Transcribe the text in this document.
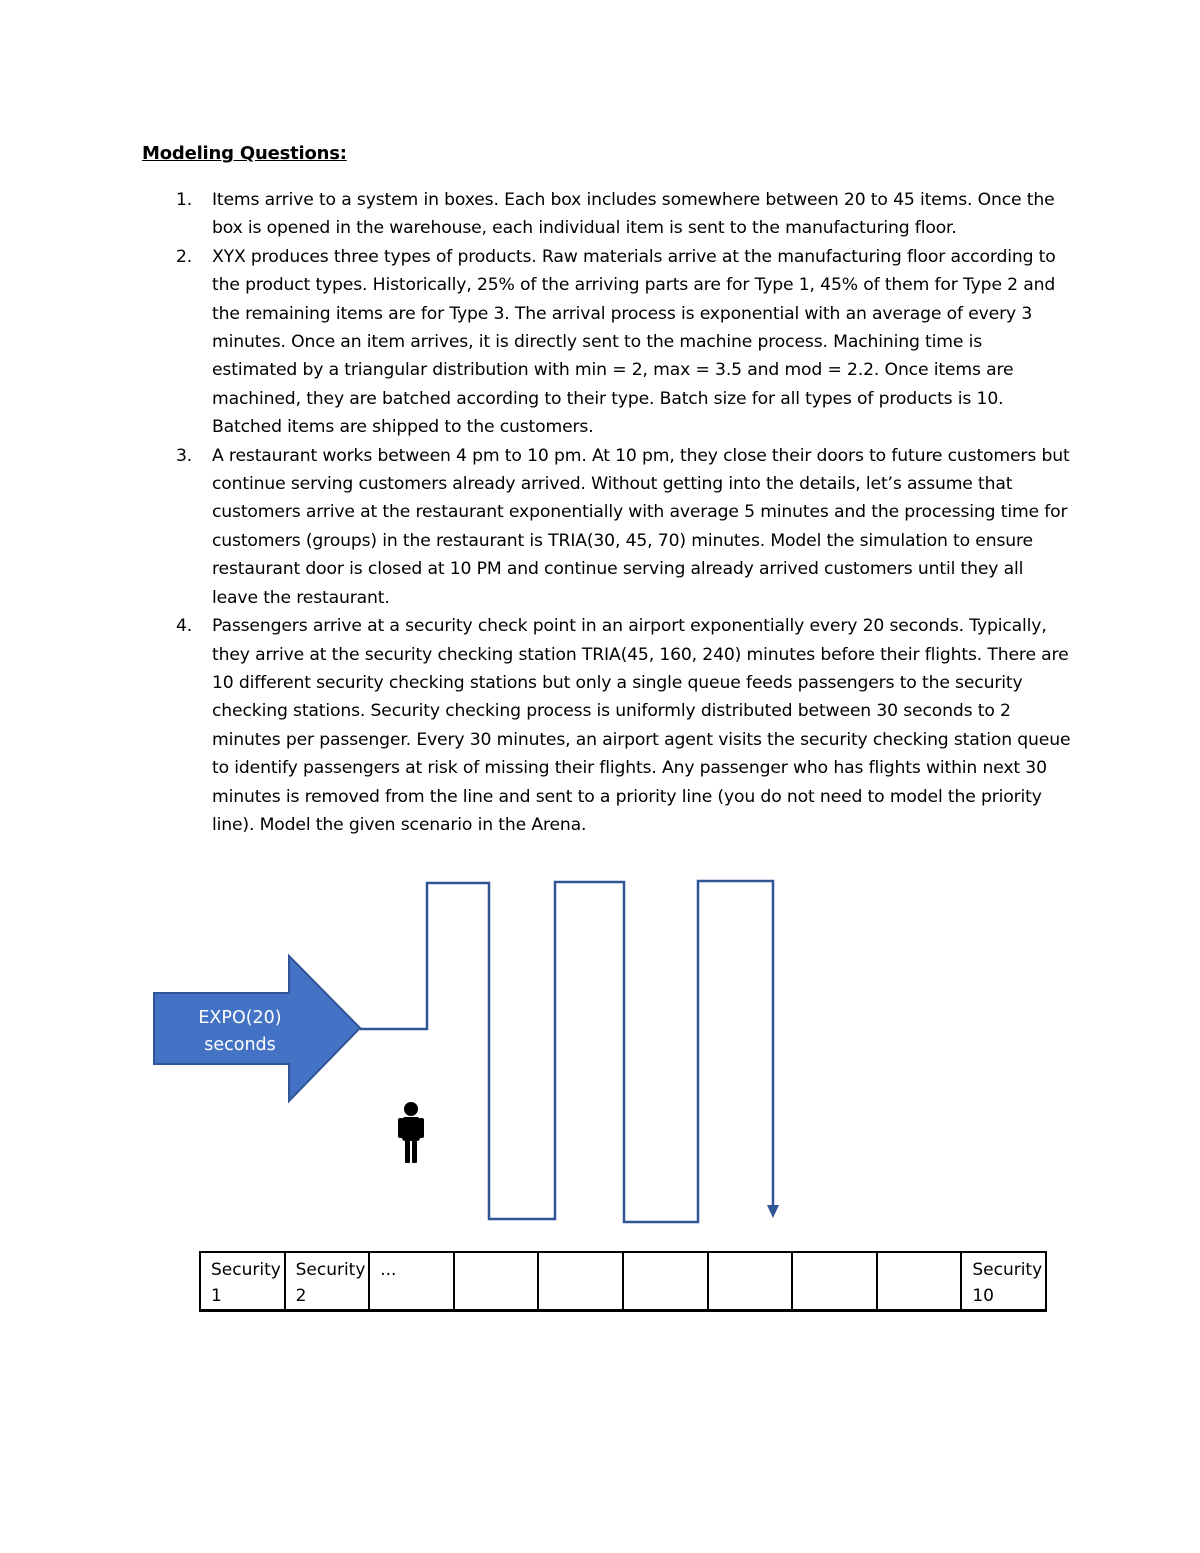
Modeling Questions:
1. Items arrive to a system in boxes. Each box includes somewhere between 20 to 45 items. Once the box is opened in the warehouse, each individual item is sent to the manufacturing floor.
2. XYX produces three types of products. Raw materials arrive at the manufacturing floor according to the product types. Historically, 25% of the arriving parts are for Type 1, 45% of them for Type 2 and the remaining items are for Type 3. The arrival process is exponential with an average of every 3 minutes. Once an item arrives, it is directly sent to the machine process. Machining time is estimated by a triangular distribution with min = 2, max = 3.5 and mod = 2.2. Once items are machined, they are batched according to their type. Batch size for all types of products is 10. Batched items are shipped to the customers.
3. A restaurant works between 4 pm to 10 pm. At 10 pm, they close their doors to future customers but continue serving customers already arrived. Without getting into the details, let’s assume that customers arrive at the restaurant exponentially with average 5 minutes and the processing time for customers (groups) in the restaurant is TRIA(30, 45, 70) minutes. Model the simulation to ensure restaurant door is closed at 10 PM and continue serving already arrived customers until they all leave the restaurant.
4. Passengers arrive at a security check point in an airport exponentially every 20 seconds. Typically, they arrive at the security checking station TRIA(45, 160, 240) minutes before their flights. There are 10 different security checking stations but only a single queue feeds passengers to the security checking stations. Security checking process is uniformly distributed between 30 seconds to 2 minutes per passenger. Every 30 minutes, an airport agent visits the security checking station queue to identify passengers at risk of missing their flights. Any passenger who has flights within next 30 minutes is removed from the line and sent to a priority line (you do not need to model the priority line). Model the given scenario in the Arena.
EXPO(20)
seconds
Security 1	Security 2	...							Security 10
